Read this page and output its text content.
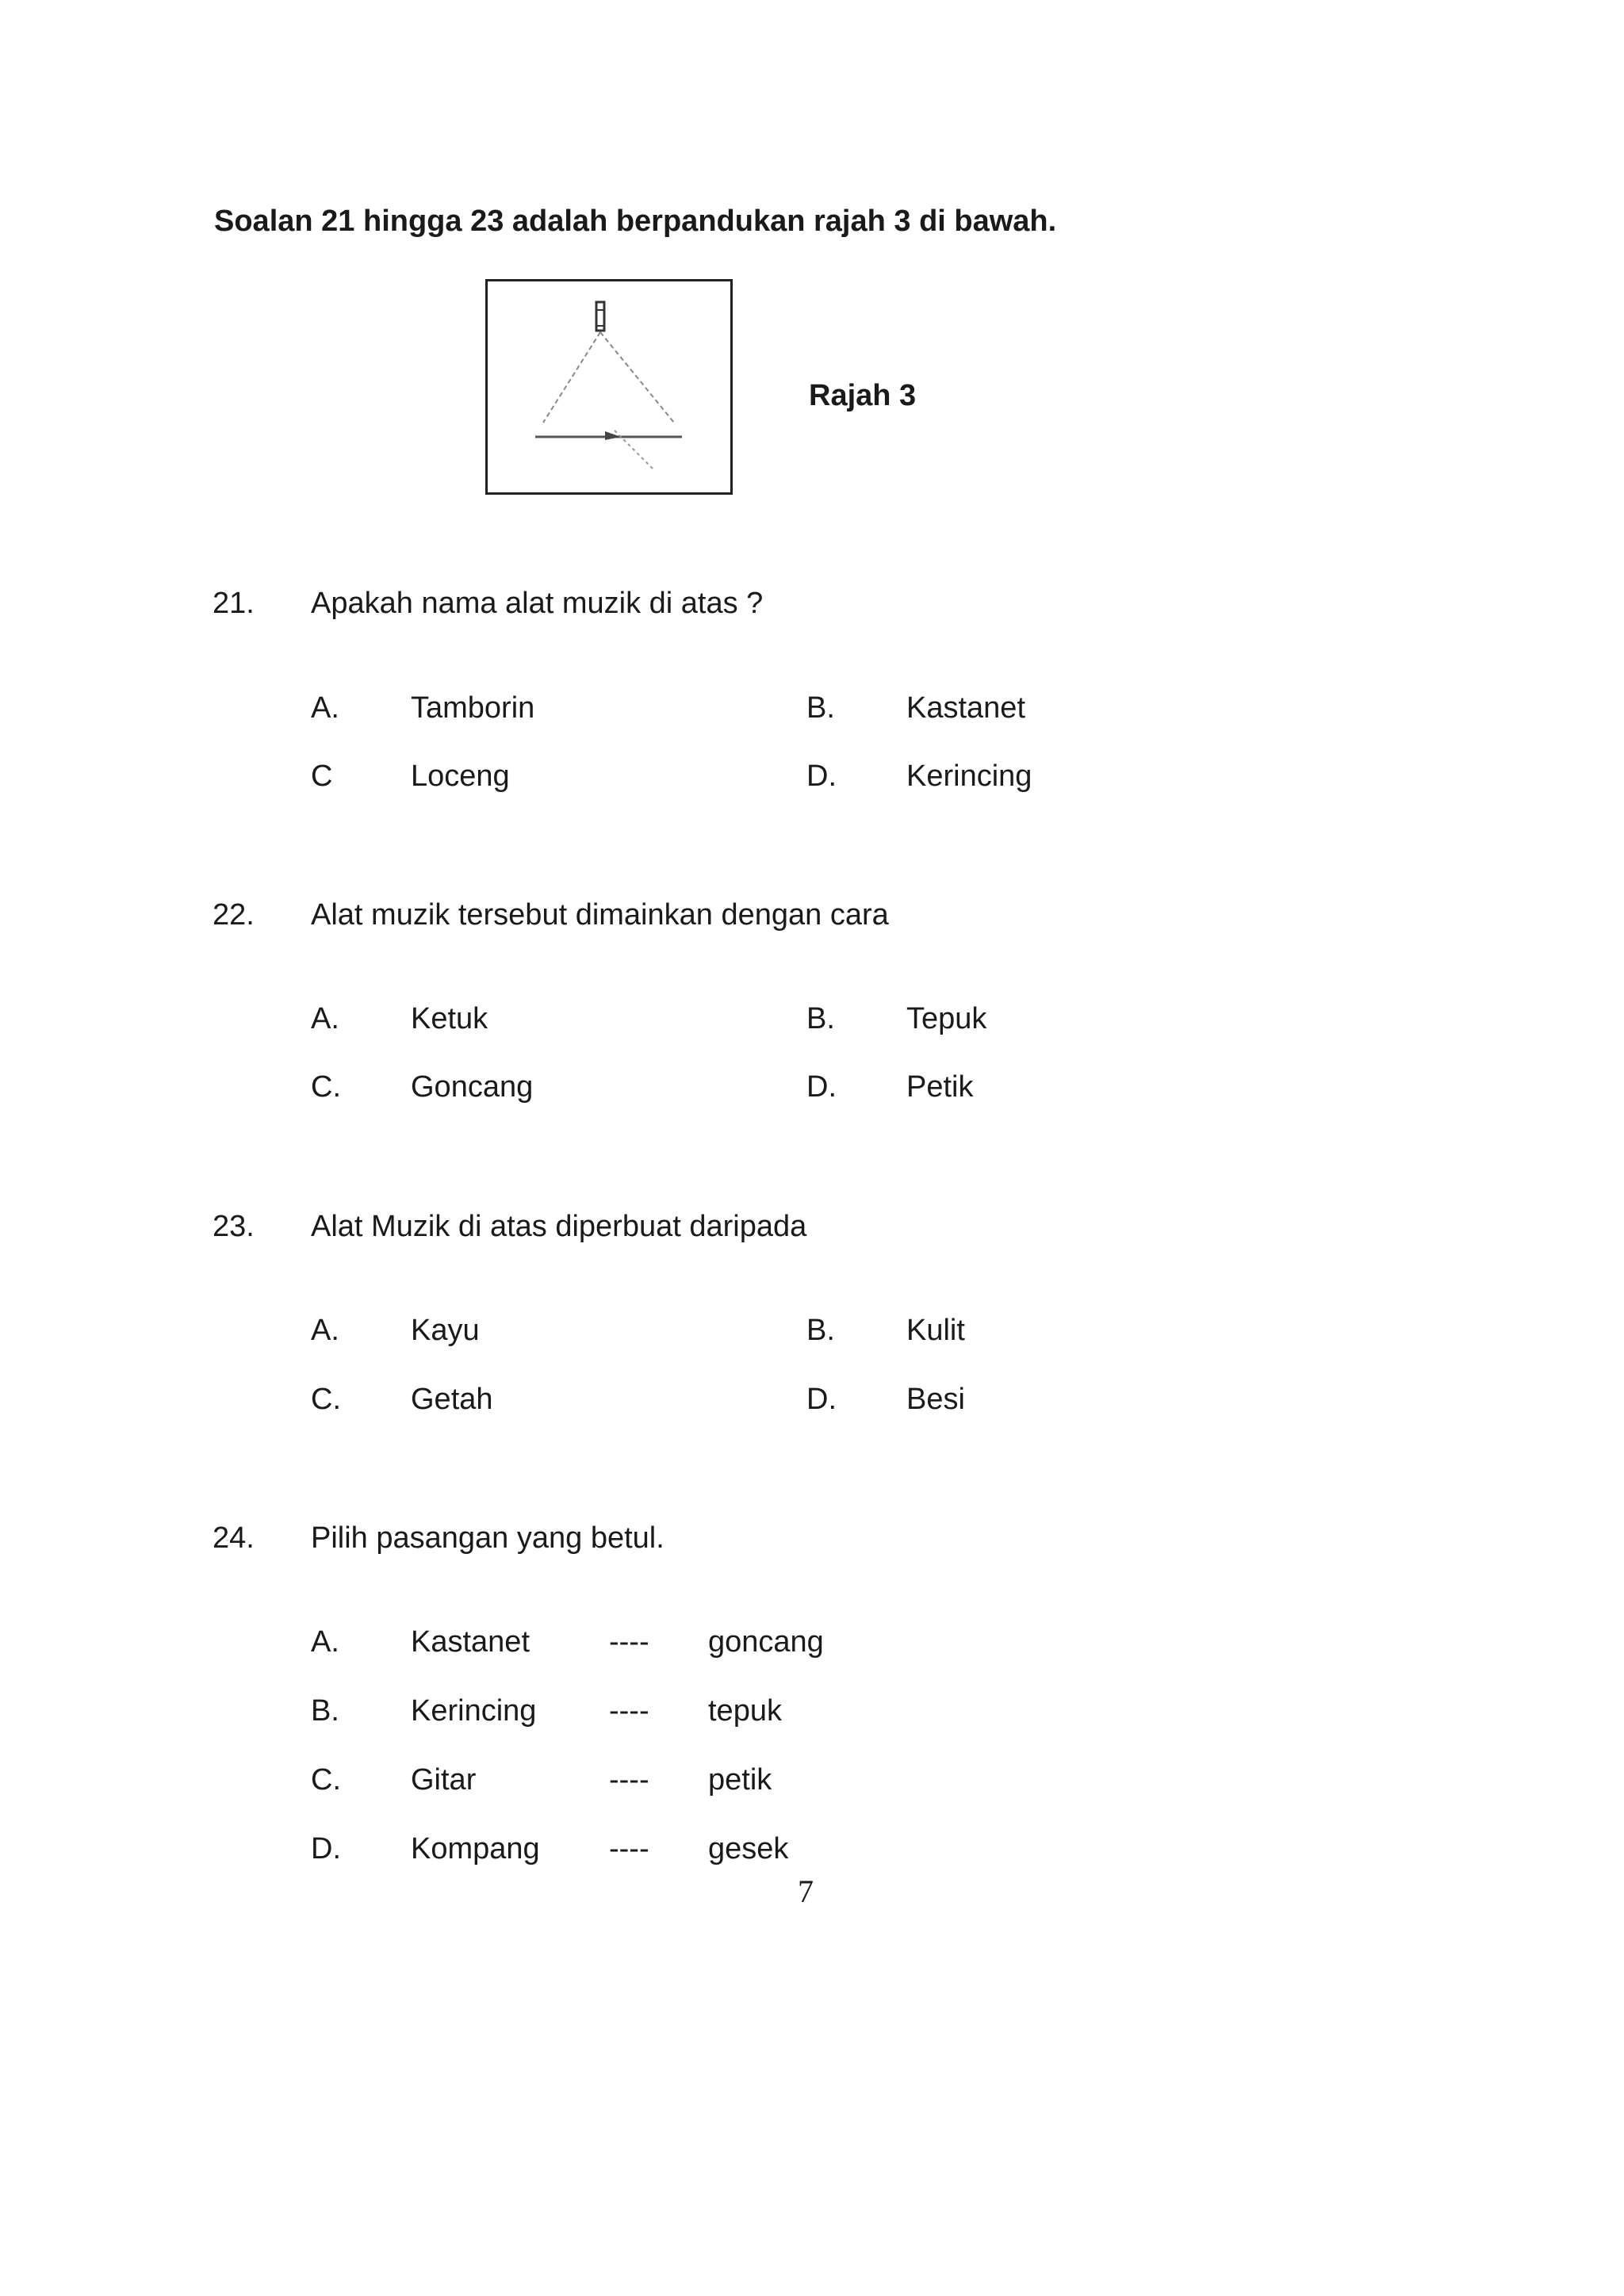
Soalan 21 hingga 23 adalah berpandukan rajah 3 di bawah.
Rajah 3
21. Apakah nama alat muzik di atas ?
A. Tamborin	B. Kastanet
C	Loceng	D. Kerincing
22. Alat muzik tersebut dimainkan dengan cara
A. Ketuk	B. Tepuk
C. Goncang	D. Petik
23. Alat Muzik di atas diperbuat daripada
A. Kayu	B. Kulit
C. Getah	D. Besi
24. Pilih pasangan yang betul.
A. Kastanet	---- goncang
B. Kerincing ---- tepuk
C. Gitar	---- petik
D. Kompang ---- gesek
7
